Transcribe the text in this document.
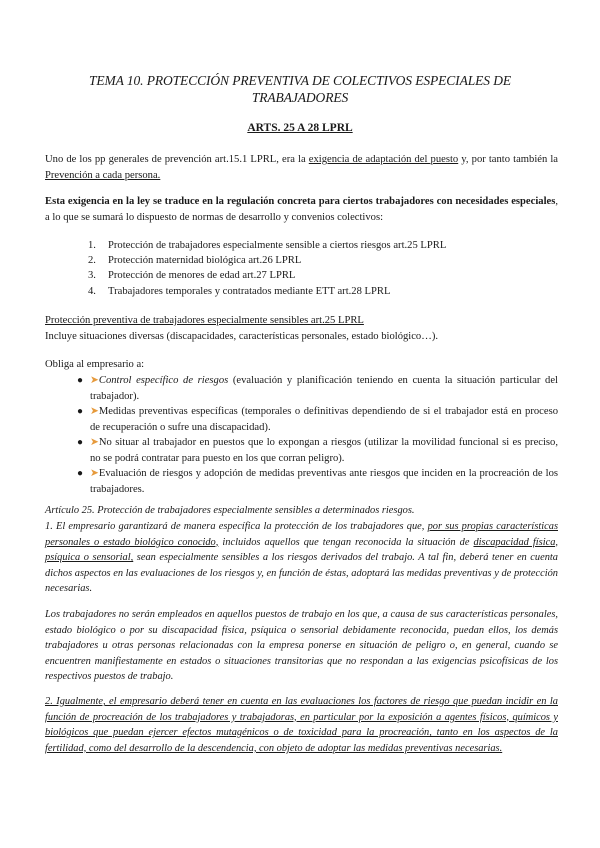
TEMA 10. PROTECCIÓN PREVENTIVA DE COLECTIVOS ESPECIALES DE TRABAJADORES
ARTS. 25 A 28 LPRL
Uno de los pp generales de prevención art.15.1 LPRL, era la exigencia de adaptación del puesto y, por tanto también la Prevención a cada persona.
Esta exigencia en la ley se traduce en la regulación concreta para ciertos trabajadores con necesidades especiales, a lo que se sumará lo dispuesto de normas de desarrollo y convenios colectivos:
1. Protección de trabajadores especialmente sensible a ciertos riesgos art.25 LPRL
2. Protección maternidad biológica art.26 LPRL
3. Protección de menores de edad art.27 LPRL
4. Trabajadores temporales y contratados mediante ETT art.28 LPRL
Protección preventiva de trabajadores especialmente sensibles art.25 LPRL
Incluye situaciones diversas (discapacidades, características personales, estado biológico…).
Obliga al empresario a:
● ➤Control específico de riesgos (evaluación y planificación teniendo en cuenta la situación particular del trabajador).
● ➤Medidas preventivas específicas (temporales o definitivas dependiendo de si el trabajador está en proceso de recuperación o sufre una discapacidad).
● ➤No situar al trabajador en puestos que lo expongan a riesgos (utilizar la movilidad funcional si es preciso, no se podrá contratar para puesto en los que corran peligro).
● ➤Evaluación de riesgos y adopción de medidas preventivas ante riesgos que inciden en la procreación de los trabajadores.
Artículo 25. Protección de trabajadores especialmente sensibles a determinados riesgos.
1. El empresario garantizará de manera específica la protección de los trabajadores que, por sus propias características personales o estado biológico conocido, incluidos aquellos que tengan reconocida la situación de discapacidad física, psíquica o sensorial, sean especialmente sensibles a los riesgos derivados del trabajo. A tal fin, deberá tener en cuenta dichos aspectos en las evaluaciones de los riesgos y, en función de éstas, adoptará las medidas preventivas y de protección necesarias.
Los trabajadores no serán empleados en aquellos puestos de trabajo en los que, a causa de sus características personales, estado biológico o por su discapacidad física, psíquica o sensorial debidamente reconocida, puedan ellos, los demás trabajadores u otras personas relacionadas con la empresa ponerse en situación de peligro o, en general, cuando se encuentren manifiestamente en estados o situaciones transitorias que no respondan a las exigencias psicofísicas de los respectivos puestos de trabajo.
2. Igualmente, el empresario deberá tener en cuenta en las evaluaciones los factores de riesgo que puedan incidir en la función de procreación de los trabajadores y trabajadoras, en particular por la exposición a agentes físicos, químicos y biológicos que puedan ejercer efectos mutagénicos o de toxicidad para la procreación, tanto en los aspectos de la fertilidad, como del desarrollo de la descendencia, con objeto de adoptar las medidas preventivas necesarias.
